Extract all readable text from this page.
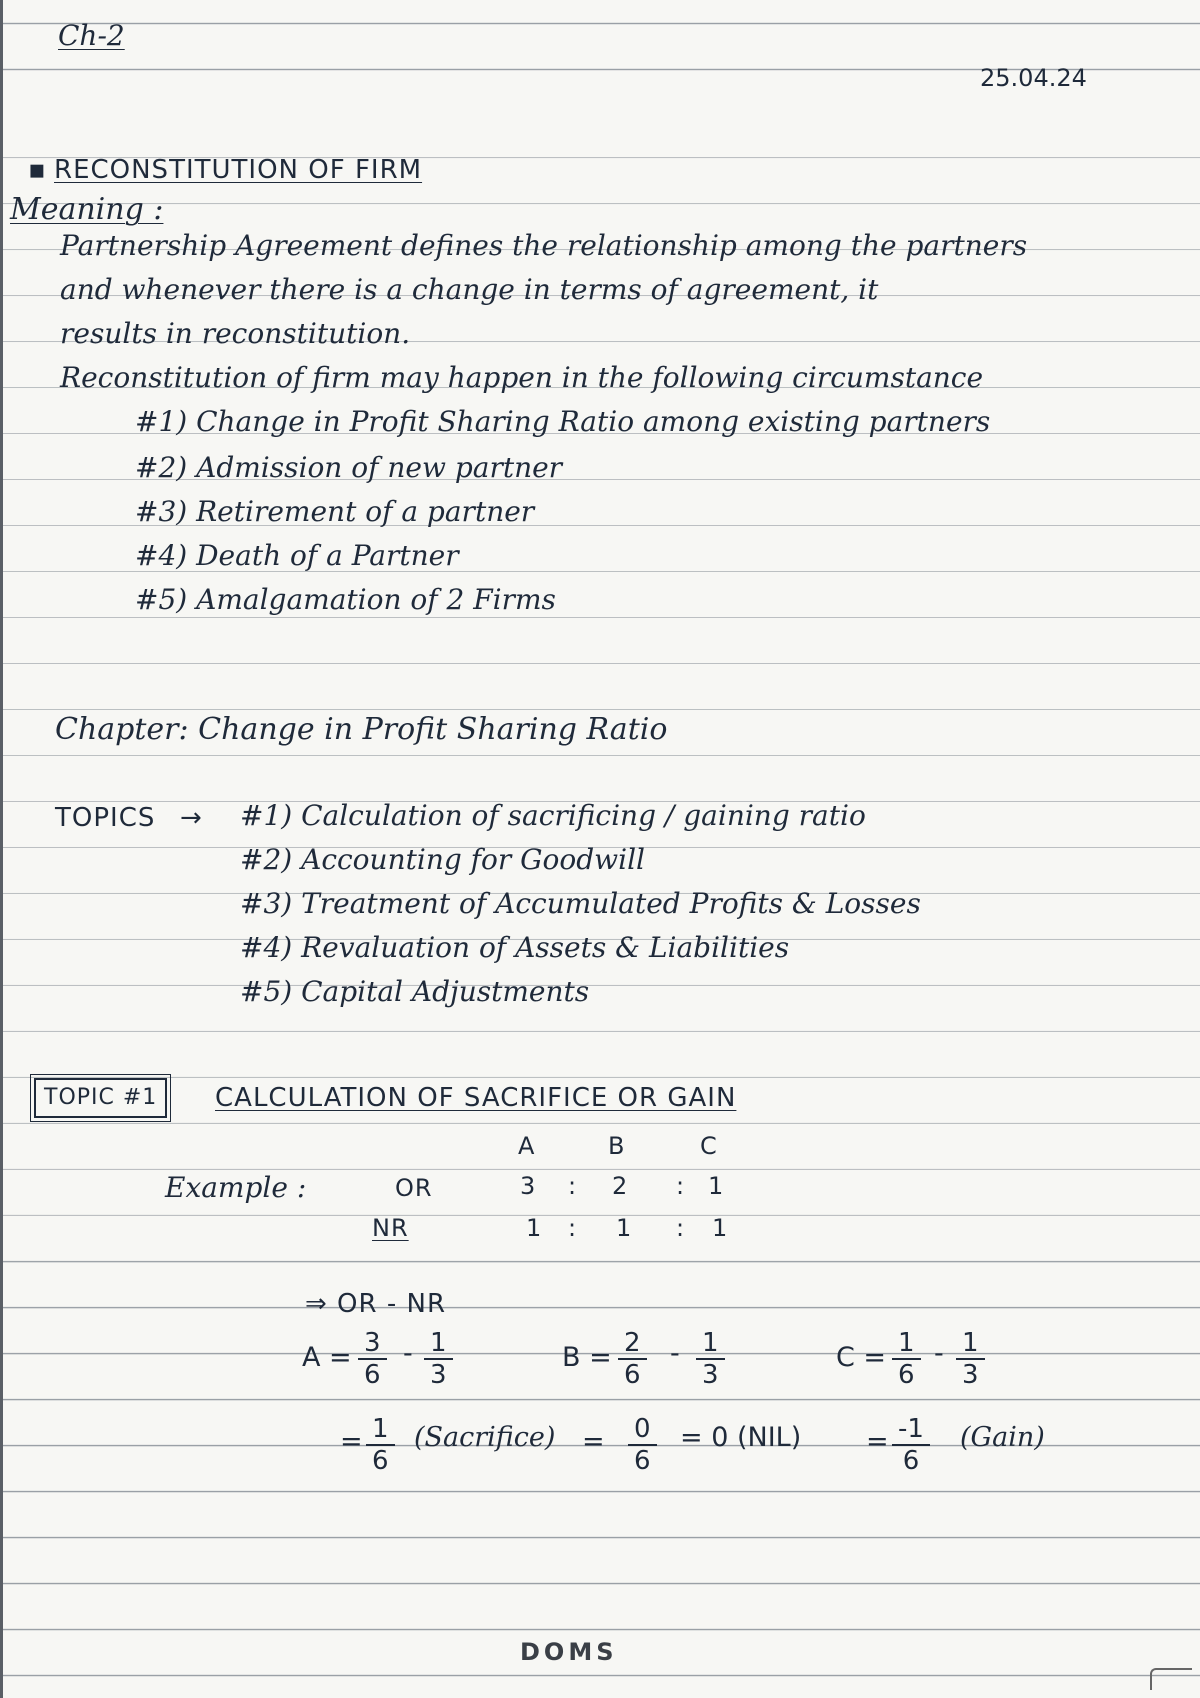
Ch-2
25.04.24
▪ RECONSTITUTION OF FIRM
Meaning :
Partnership Agreement defines the relationship among the partners
and whenever there is a change in terms of agreement, it
results in reconstitution.
Reconstitution of firm may happen in the following circumstance
#1) Change in Profit Sharing Ratio among existing partners
#2) Admission of new partner
#3) Retirement of a partner
#4) Death of a Partner
#5) Amalgamation of 2 Firms
Chapter: Change in Profit Sharing Ratio
TOPICS → #1) Calculation of sacrificing / gaining ratio
#2) Accounting for Goodwill
#3) Treatment of Accumulated Profits & Losses
#4) Revaluation of Assets & Liabilities
#5) Capital Adjustments
TOPIC #1	CALCULATION OF SACRIFICE OR GAIN
A	B	C
Example :	OR	3 : 2 : 1
NR	1 : 1 : 1
⇒ OR - NR
$A = \frac{3}{6} - \frac{1}{3}$	$B = \frac{2}{6} - \frac{1}{3}$	$C = \frac{1}{6} - \frac{1}{3}$
= $\frac{1}{6}$ (Sacrifice) = $\frac{0}{6} = 0$ $(NIL) = \frac{-1}{6}$ (Gain)
DOMS
